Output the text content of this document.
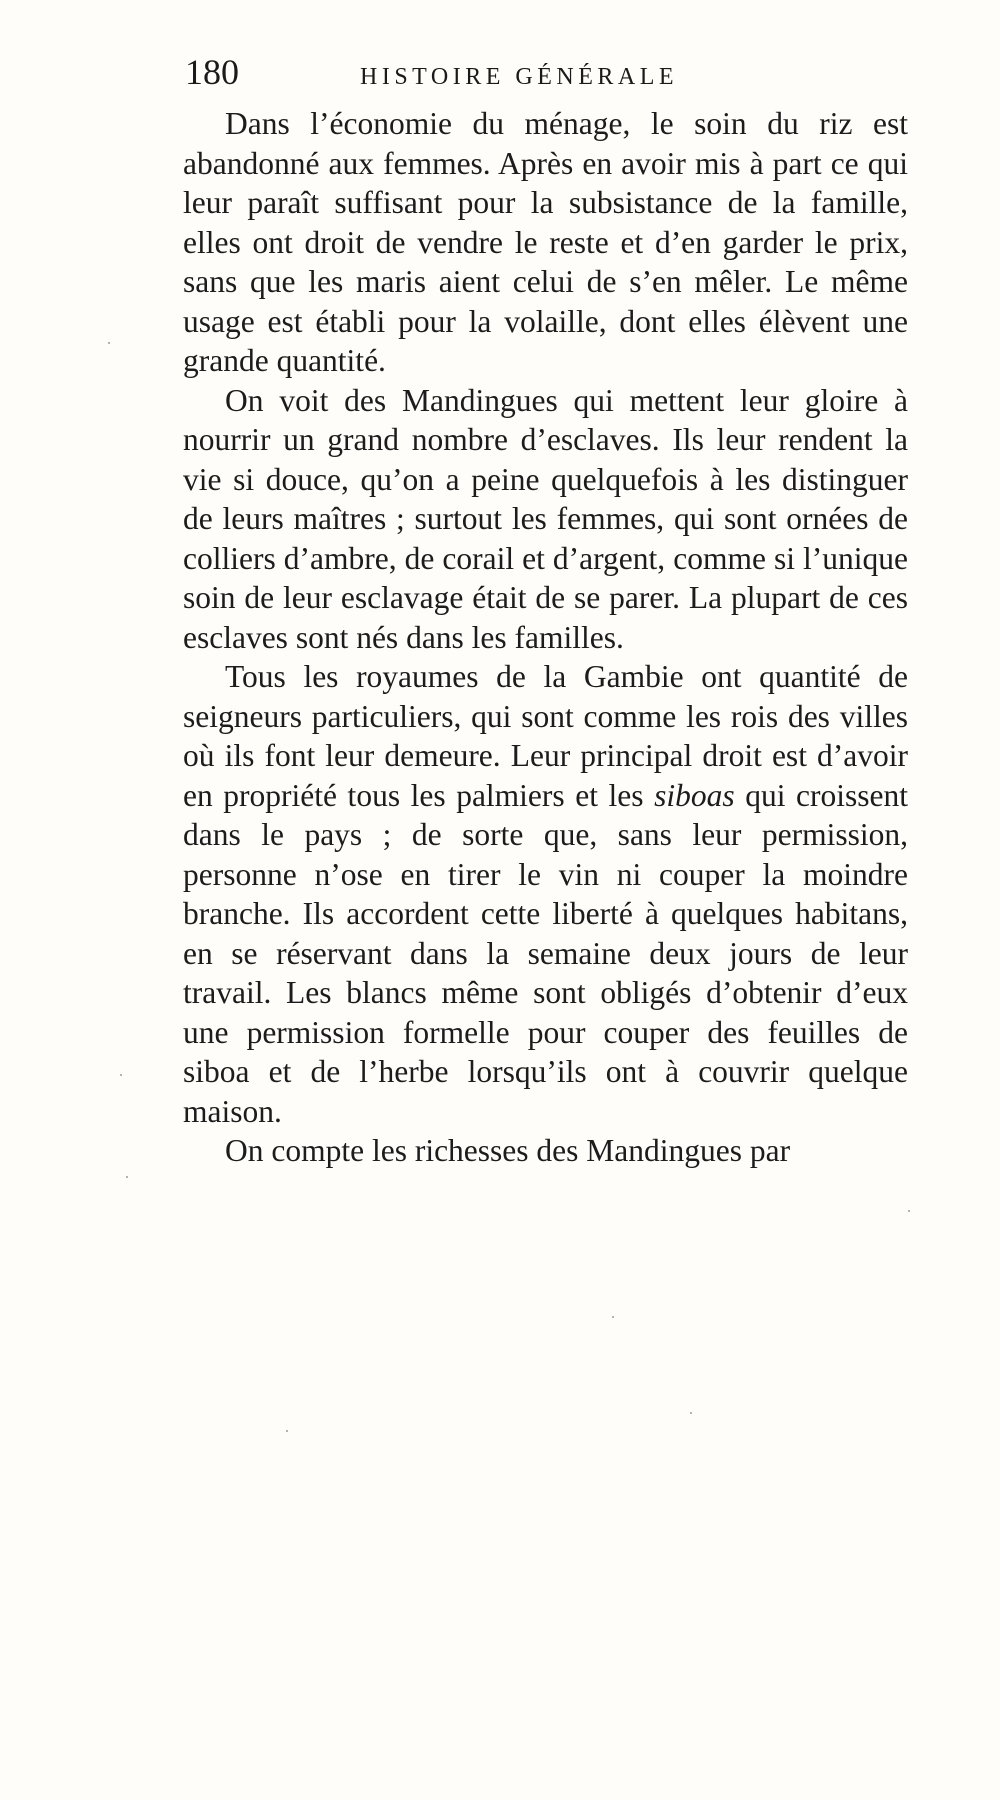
180	HISTOIRE GÉNÉRALE

Dans l’économie du ménage, le soin du riz est abandonné aux femmes. Après en avoir mis à part ce qui leur paraît suffisant pour la subsistance de la famille, elles ont droit de vendre le reste et d’en garder le prix, sans que les maris aient celui de s’en mêler. Le même usage est établi pour la volaille, dont elles élèvent une grande quantité.

On voit des Mandingues qui mettent leur gloire à nourrir un grand nombre d’esclaves. Ils leur rendent la vie si douce, qu’on a peine quelquefois à les distinguer de leurs maîtres ; surtout les femmes, qui sont ornées de colliers d’ambre, de corail et d’argent, comme si l’unique soin de leur esclavage était de se parer. La plupart de ces esclaves sont nés dans les familles.

Tous les royaumes de la Gambie ont quantité de seigneurs particuliers, qui sont comme les rois des villes où ils font leur demeure. Leur principal droit est d’avoir en propriété tous les palmiers et les siboas qui croissent dans le pays ; de sorte que, sans leur permission, personne n’ose en tirer le vin ni couper la moindre branche. Ils accordent cette liberté à quelques habitans, en se réservant dans la semaine deux jours de leur travail. Les blancs même sont obligés d’obtenir d’eux une permission formelle pour couper des feuilles de siboa et de l’herbe lorsqu’ils ont à couvrir quelque maison.

On compte les richesses des Mandingues par
